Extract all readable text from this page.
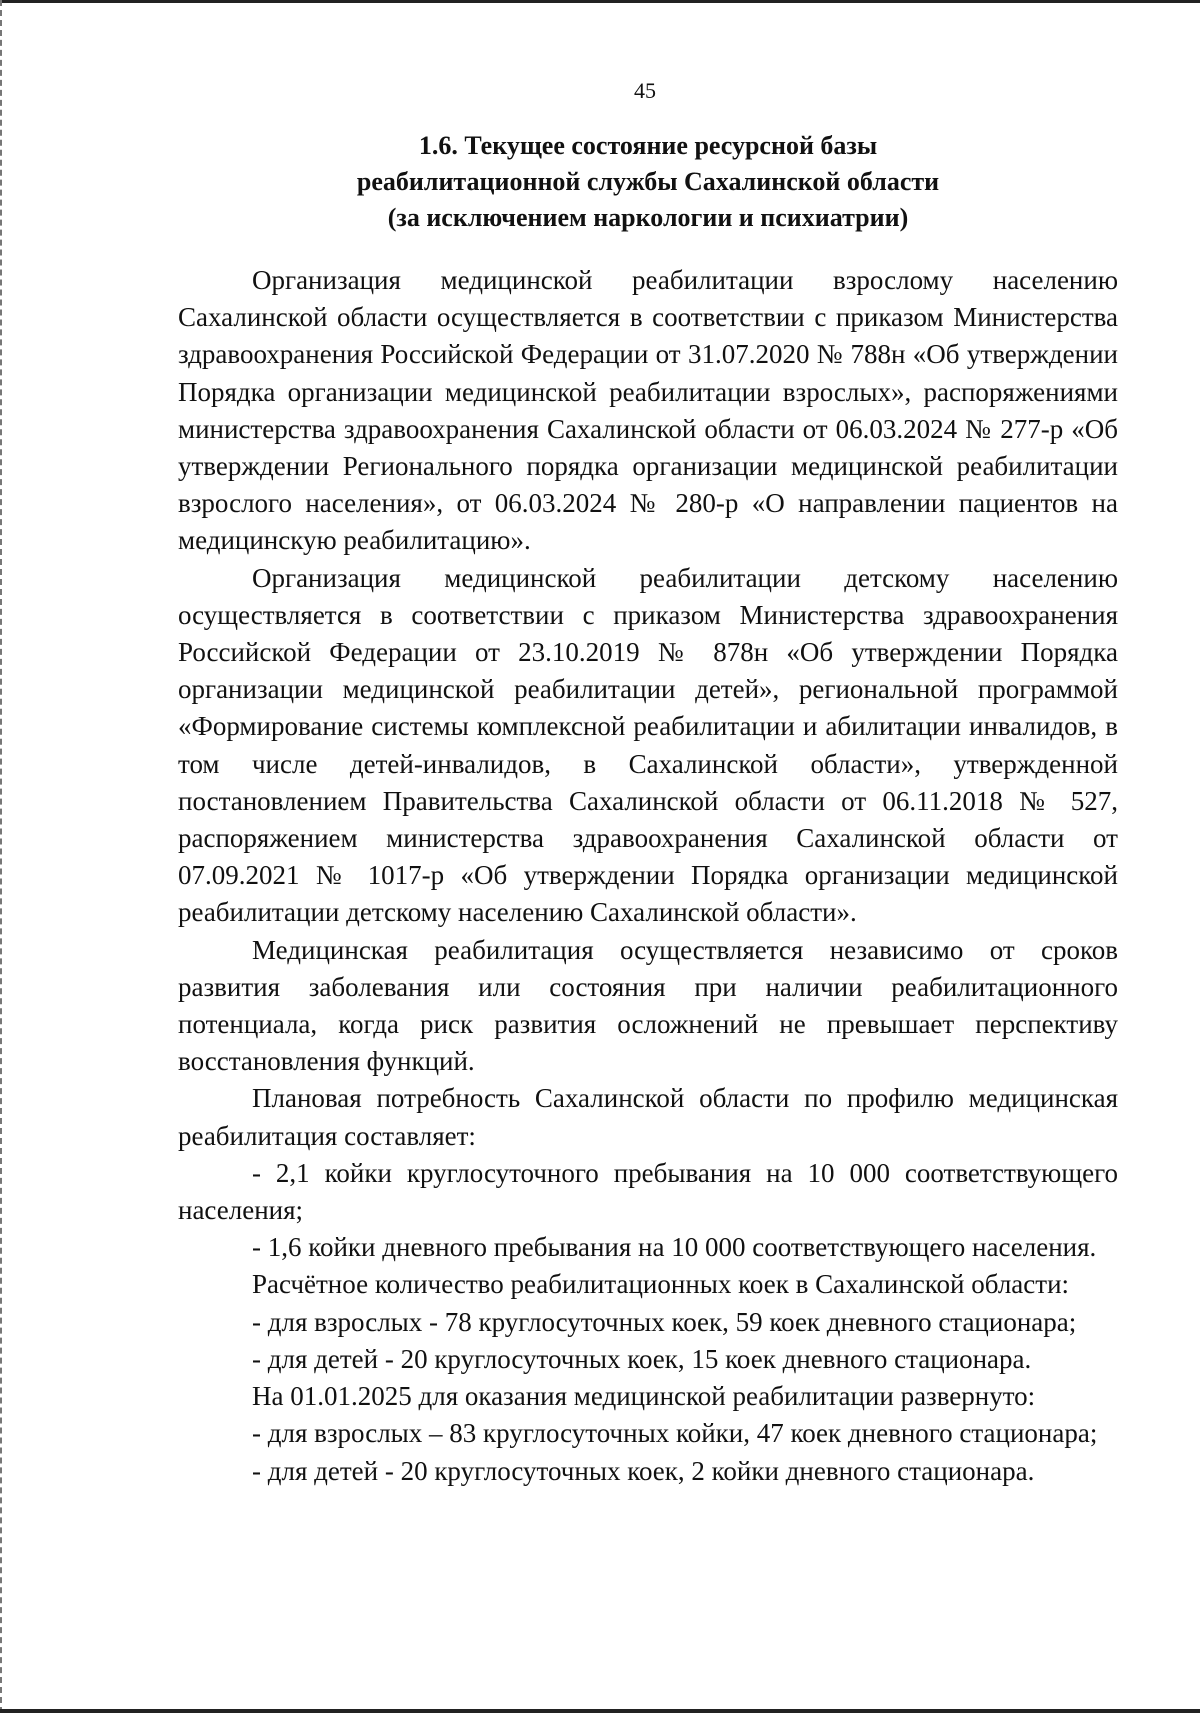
45
1.6. Текущее состояние ресурсной базы
реабилитационной службы Сахалинской области
(за исключением наркологии и психиатрии)

Организация медицинской реабилитации взрослому населению Сахалинской области осуществляется в соответствии с приказом Министерства здравоохранения Российской Федерации от 31.07.2020 № 788н «Об утверждении Порядка организации медицинской реабилитации взрослых», распоряжениями министерства здравоохранения Сахалинской области от 06.03.2024 № 277-р «Об утверждении Регионального порядка организации медицинской реабилитации взрослого населения», от 06.03.2024 № 280-р «О направлении пациентов на медицинскую реабилитацию».

Организация медицинской реабилитации детскому населению осуществляется в соответствии с приказом Министерства здравоохранения Российской Федерации от 23.10.2019 № 878н «Об утверждении Порядка организации медицинской реабилитации детей», региональной программой «Формирование системы комплексной реабилитации и абилитации инвалидов, в том числе детей-инвалидов, в Сахалинской области», утвержденной постановлением Правительства Сахалинской области от 06.11.2018 № 527, распоряжением министерства здравоохранения Сахалинской области от 07.09.2021 № 1017-р «Об утверждении Порядка организации медицинской реабилитации детскому населению Сахалинской области».

Медицинская реабилитация осуществляется независимо от сроков развития заболевания или состояния при наличии реабилитационного потенциала, когда риск развития осложнений не превышает перспективу восстановления функций.

Плановая потребность Сахалинской области по профилю медицинская реабилитация составляет:

- 2,1 койки круглосуточного пребывания на 10 000 соответствующего населения;

- 1,6 койки дневного пребывания на 10 000 соответствующего населения.

Расчётное количество реабилитационных коек в Сахалинской области:

- для взрослых - 78 круглосуточных коек, 59 коек дневного стационара;

- для детей - 20 круглосуточных коек, 15 коек дневного стационара.

На 01.01.2025 для оказания медицинской реабилитации развернуто:

- для взрослых – 83 круглосуточных койки, 47 коек дневного стационара;

- для детей - 20 круглосуточных коек, 2 койки дневного стационара.
